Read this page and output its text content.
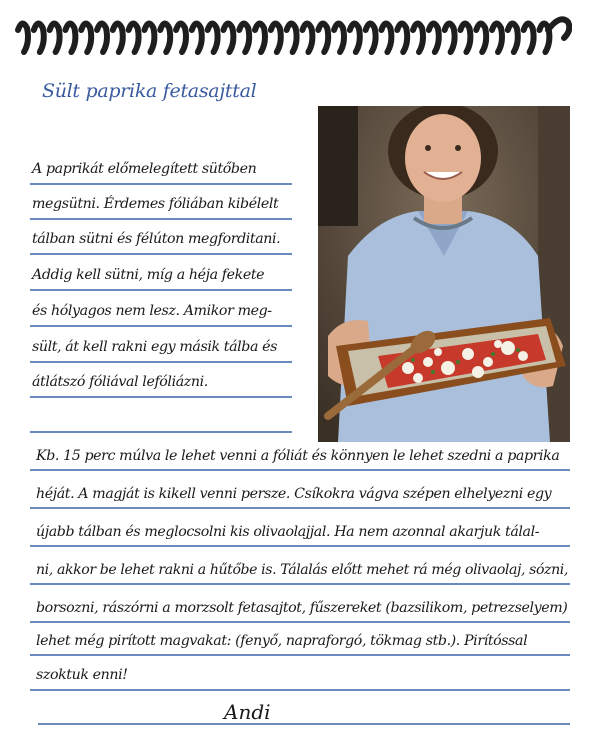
Sült paprika fetasajttal
A paprikát előmelegített sütőben
megsütni. Érdemes fóliában kibélelt
tálban sütni és félúton megforditani.
Addig kell sütni, míg a héja fekete
és hólyagos nem lesz. Amikor meg-
sült, át kell rakni egy másik tálba és
átlátszó fóliával lefóliázni.
Kb. 15 perc múlva le lehet venni a fóliát és könnyen le lehet szedni a paprika
héját. A magját is kikell venni persze. Csíkokra vágva szépen elhelyezni egy
újabb tálban és meglocsolni kis olivaolajjal. Ha nem azonnal akarjuk tálal-
ni, akkor be lehet rakni a hűtőbe is. Tálalás előtt mehet rá még olivaolaj, sózni,
borsozni, rászórni a morzsolt fetasajtot, fűszereket (bazsilikom, petrezselyem)
lehet még pirított magvakat: (fenyő, napraforgó, tökmag stb.). Pirítóssal
szoktuk enni!
Andi
